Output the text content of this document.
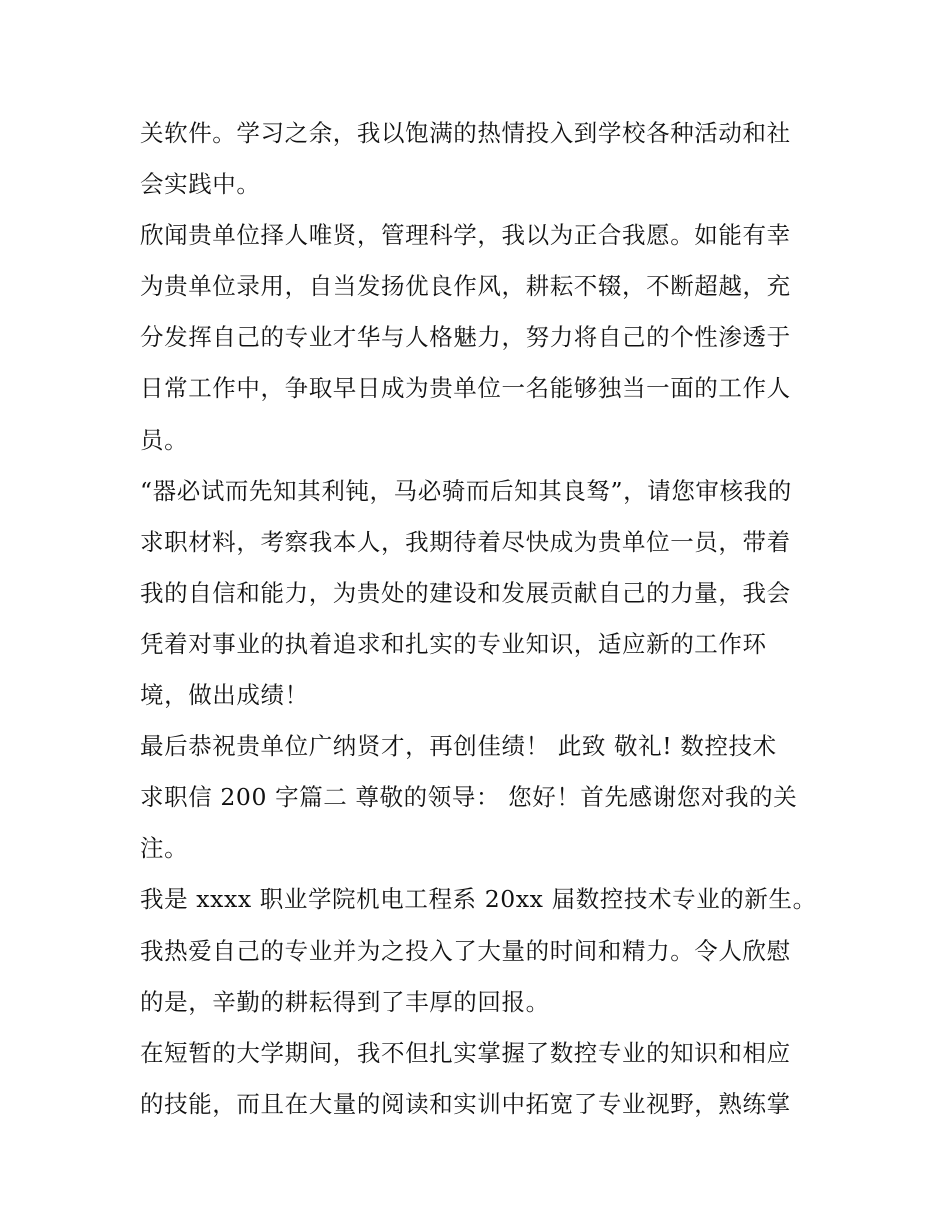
关软件。学习之余，我以饱满的热情投入到学校各种活动和社
会实践中。
欣闻贵单位择人唯贤，管理科学，我以为正合我愿。如能有幸
为贵单位录用，自当发扬优良作风，耕耘不辍，不断超越，充
分发挥自己的专业才华与人格魅力，努力将自己的个性渗透于
日常工作中，争取早日成为贵单位一名能够独当一面的工作人
员。
“器必试而先知其利钝，马必骑而后知其良驽”，请您审核我的
求职材料，考察我本人，我期待着尽快成为贵单位一员，带着
我的自信和能力，为贵处的建设和发展贡献自己的力量，我会
凭着对事业的执着追求和扎实的专业知识，适应新的工作环
境，做出成绩！
最后恭祝贵单位广纳贤才，再创佳绩！ 此致 敬礼! 数控技术
求职信 200 字篇二 尊敬的领导： 您好！首先感谢您对我的关
注。
我是 xxxx 职业学院机电工程系 20xx 届数控技术专业的新生。
我热爱自己的专业并为之投入了大量的时间和精力。令人欣慰
的是，辛勤的耕耘得到了丰厚的回报。
在短暂的大学期间，我不但扎实掌握了数控专业的知识和相应
的技能，而且在大量的阅读和实训中拓宽了专业视野，熟练掌
